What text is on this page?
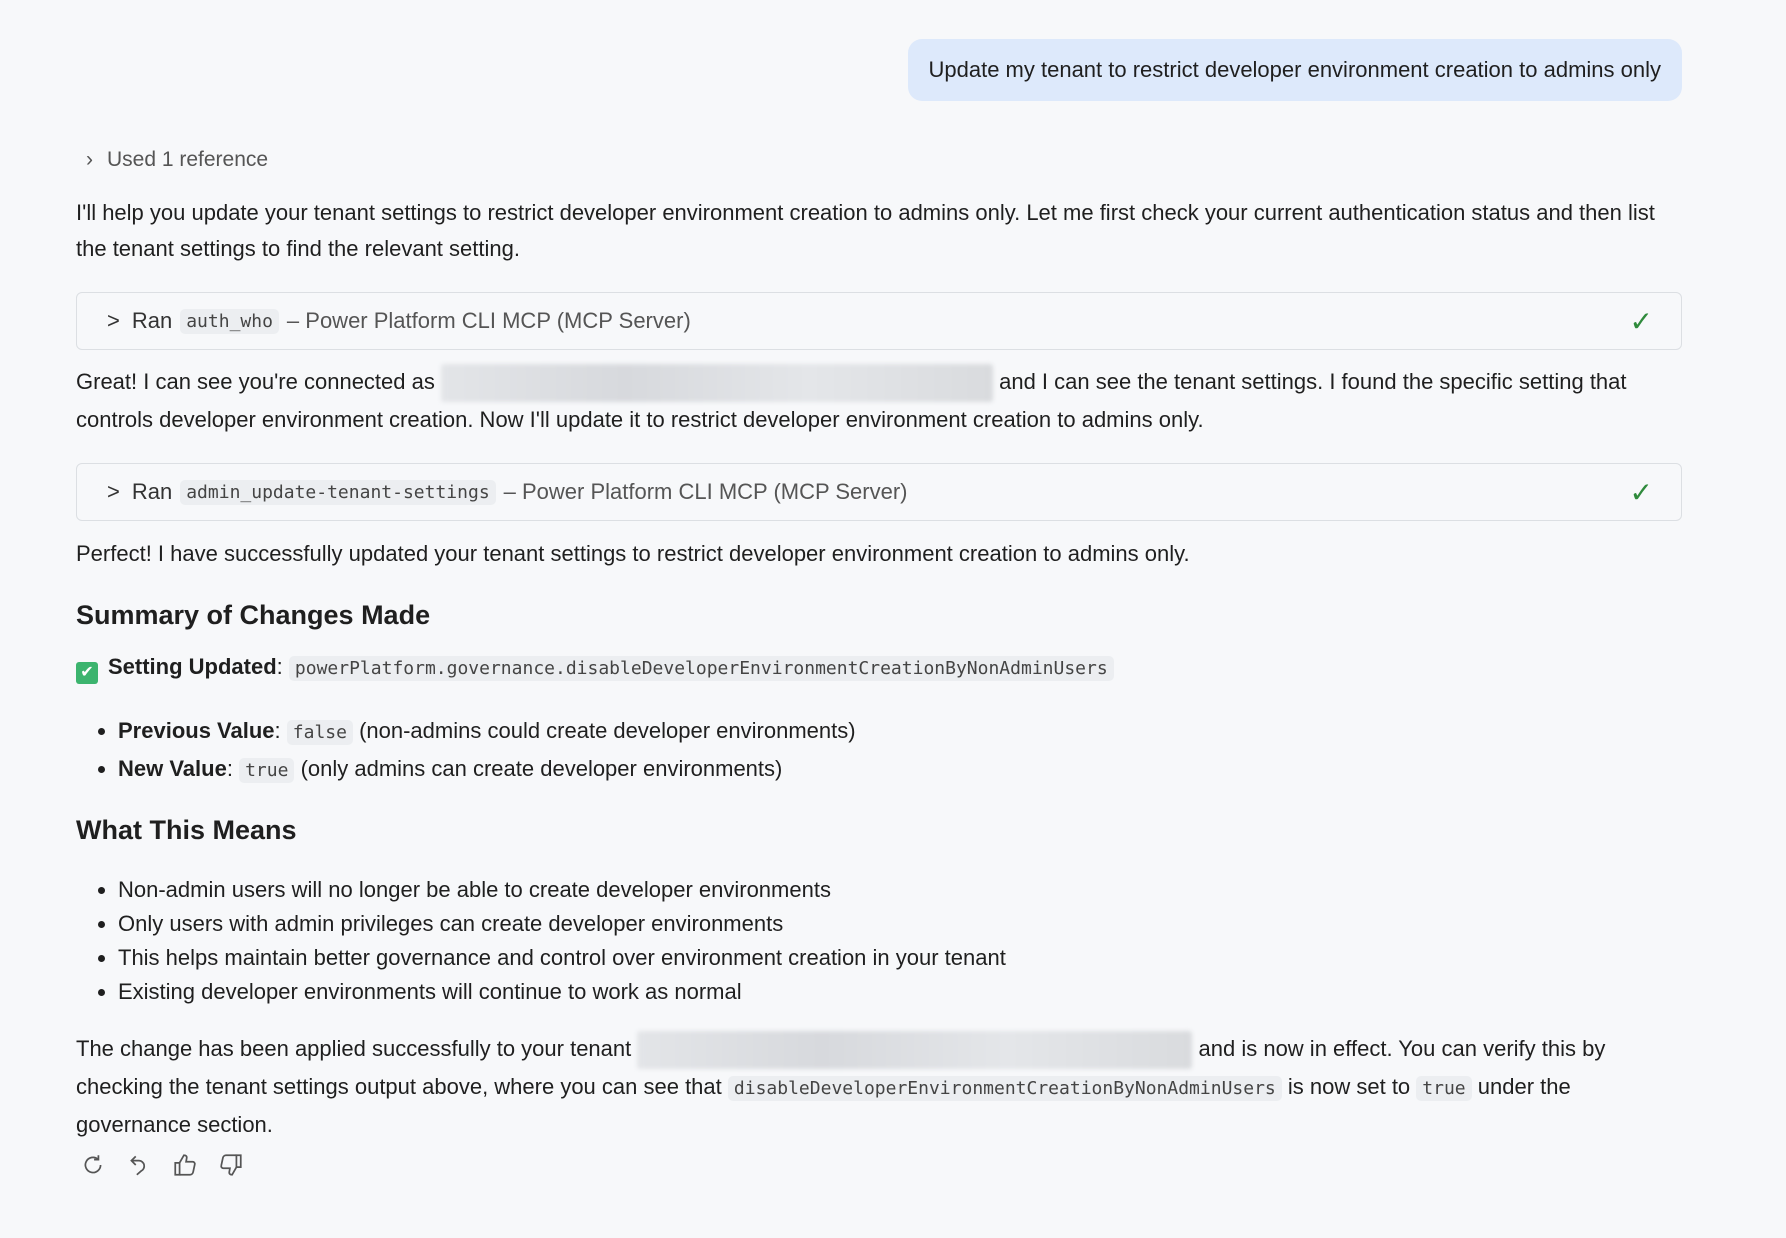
Update my tenant to restrict developer environment creation to admins only
› Used 1 reference
I'll help you update your tenant settings to restrict developer environment creation to admins only. Let me first check your current authentication status and then list the tenant settings to find the relevant setting.
> Ran auth_who – Power Platform CLI MCP (MCP Server)	✓
Great! I can see you're connected as	and I can see the tenant settings. I found the specific setting that controls developer environment creation. Now I'll update it to restrict developer environment creation to admins only.
> Ran admin_update-tenant-settings – Power Platform CLI MCP (MCP Server)	✓
Perfect! I have successfully updated your tenant settings to restrict developer environment creation to admins only.
Summary of Changes Made
✔ Setting Updated: powerPlatform.governance.disableDeveloperEnvironmentCreationByNonAdminUsers
Previous Value: false (non-admins could create developer environments)
New Value: true (only admins can create developer environments)
What This Means
Non-admin users will no longer be able to create developer environments
Only users with admin privileges can create developer environments
This helps maintain better governance and control over environment creation in your tenant
Existing developer environments will continue to work as normal
The change has been applied successfully to your tenant	and is now in effect. You can verify this by checking the tenant settings output above, where you can see that disableDeveloperEnvironmentCreationByNonAdminUsers is now set to true under the governance section.
